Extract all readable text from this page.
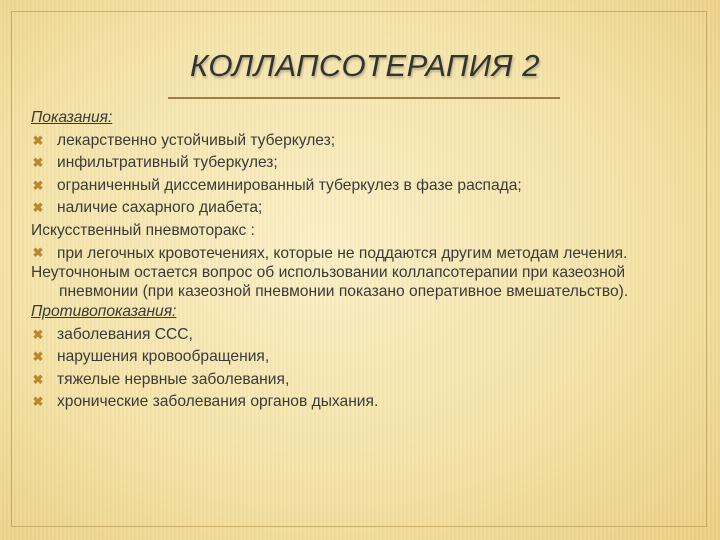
КОЛЛАПСОТЕРАПИЯ 2
Показания:
✖ лекарственно устойчивый туберкулез;
✖ инфильтративный туберкулез;
✖ ограниченный диссеминированный туберкулез в фазе распада;
✖ наличие сахарного диабета;
Искусственный пневмоторакс :
✖ при легочных кровотечениях, которые не поддаются другим методам лечения.
Неуточноным остается вопрос об использовании коллапсотерапии при казеозной пневмонии (при казеозной пневмонии показано оперативное вмешательство).
Противопоказания:
✖ заболевания ССС,
✖ нарушения кровообращения,
✖ тяжелые нервные заболевания,
✖ хронические заболевания органов дыхания.
